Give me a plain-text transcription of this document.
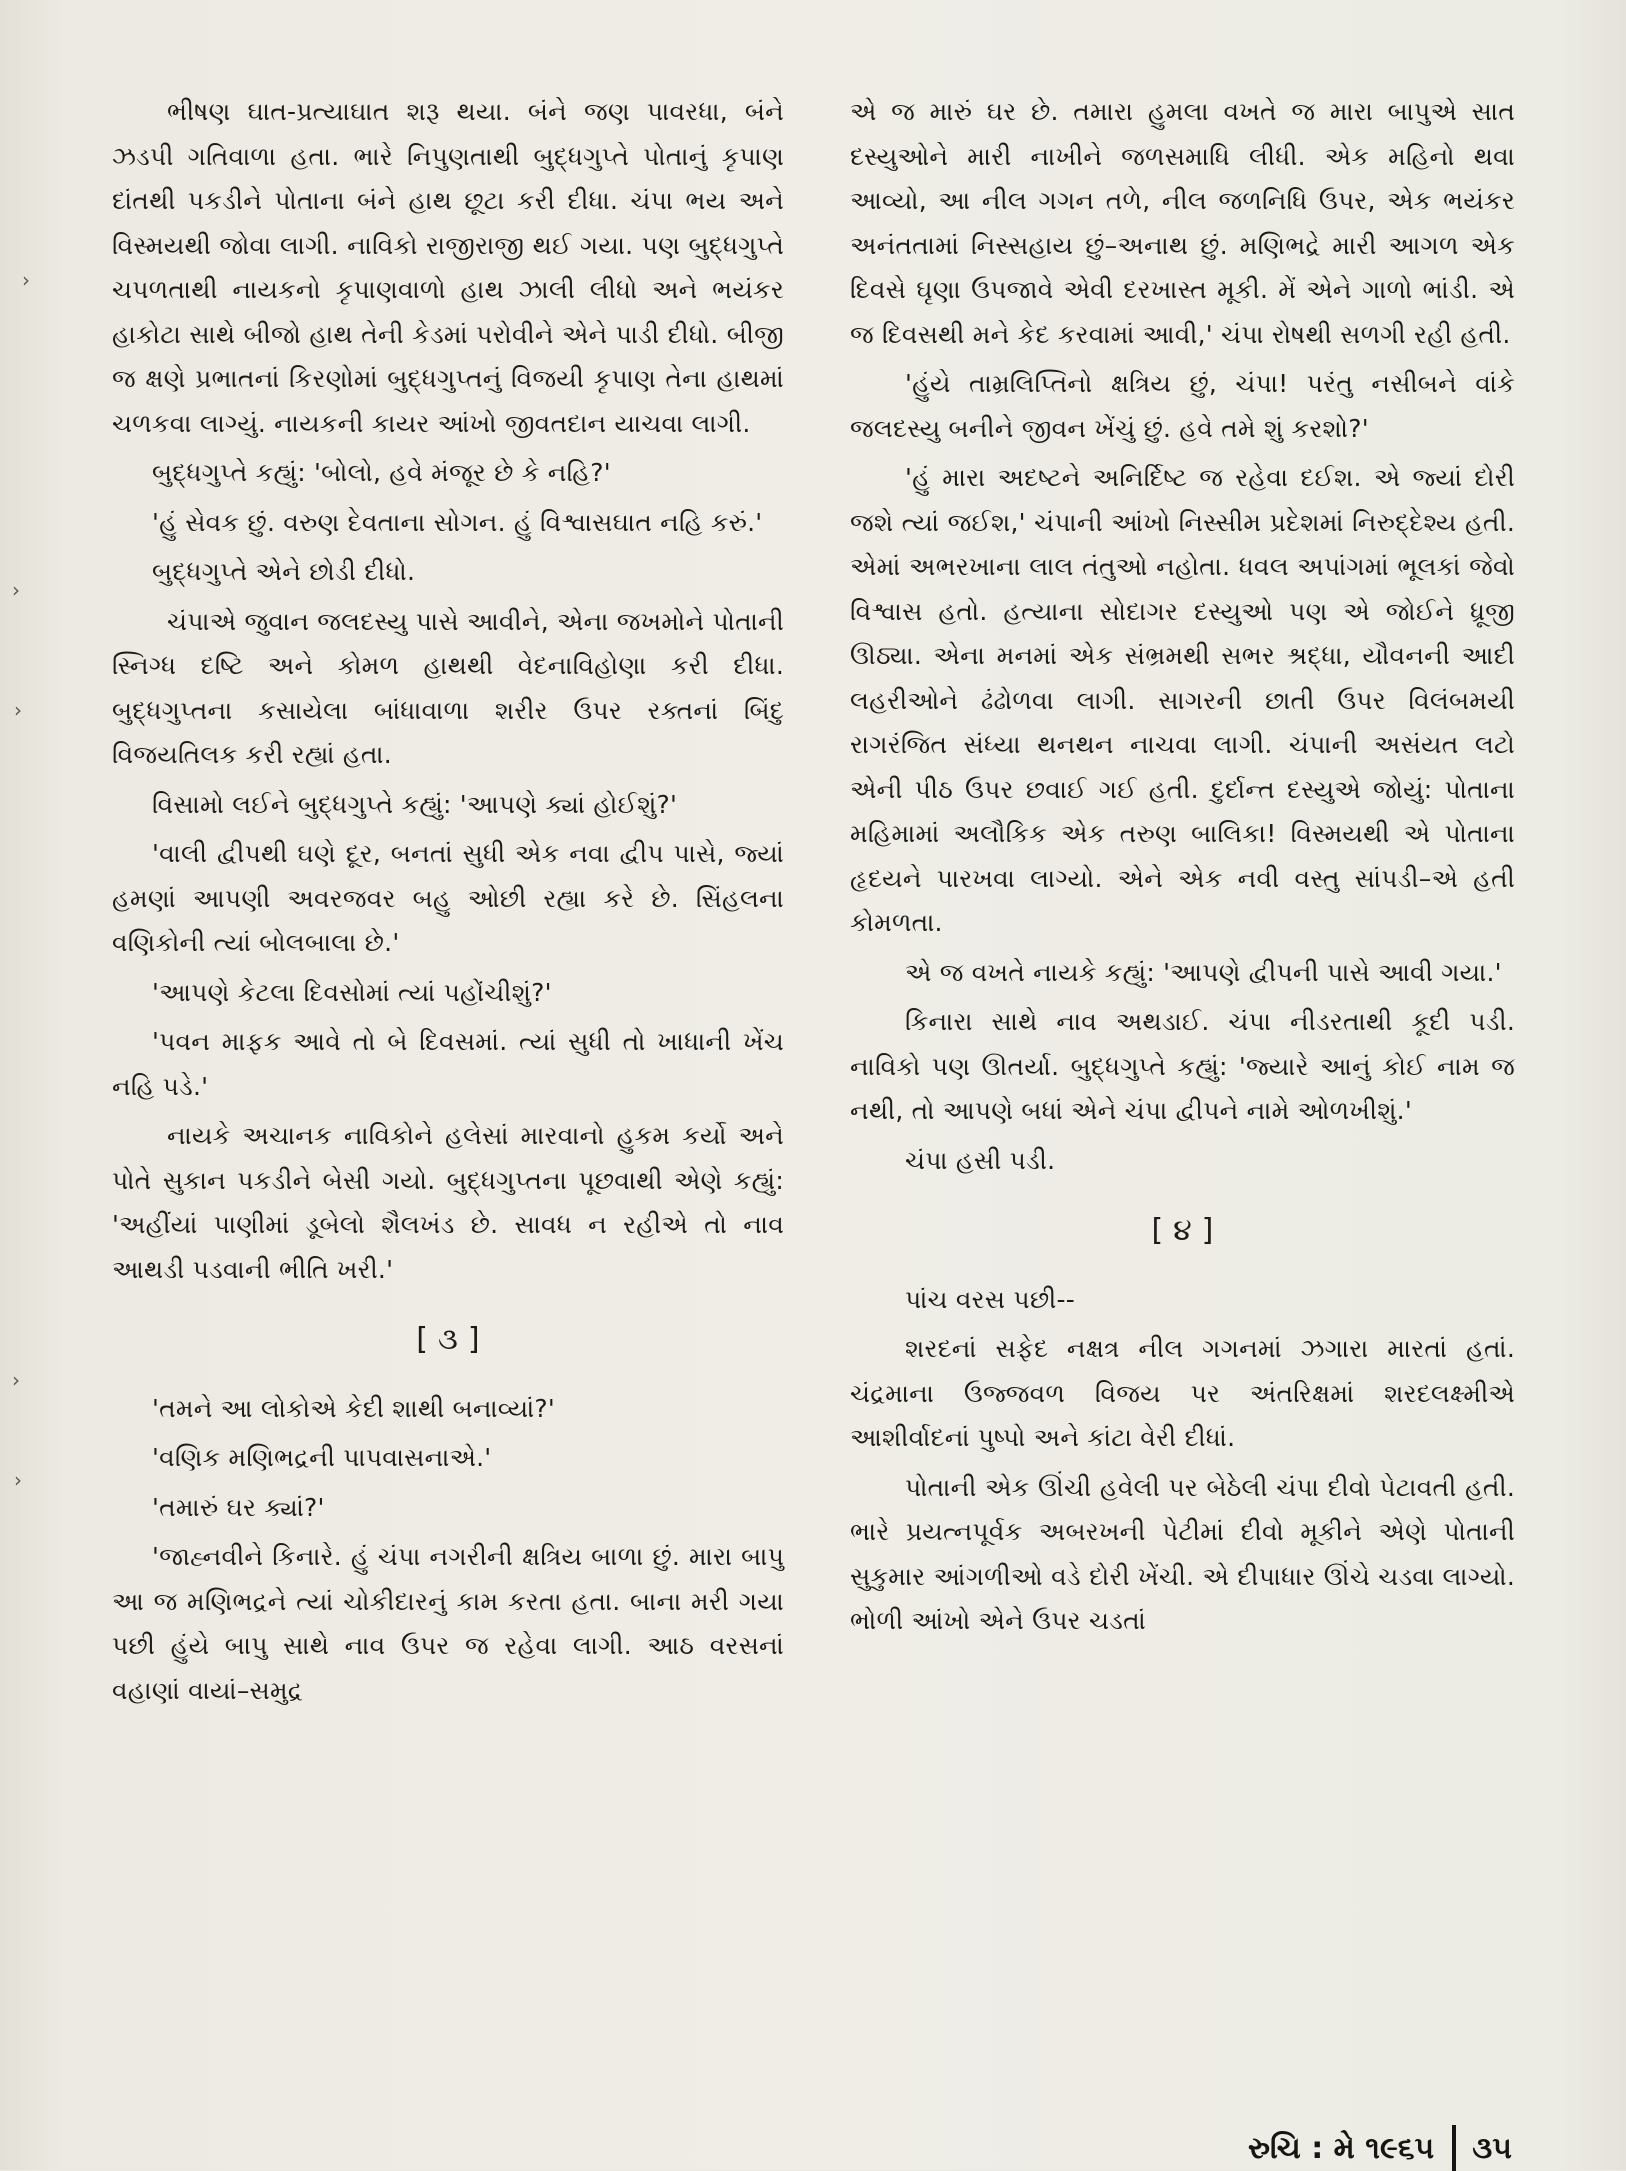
ભીષણ ઘાત-પ્રત્યાઘાત શરૂ થયા. બંને જણ પાવરધા, બંને ઝડપી ગતિવાળા હતા. ભારે નિપુણતાથી બુદ્ધગુપ્તે પોતાનું કૃપાણ દાંતથી પકડીને પોતાના બંને હાથ છૂટા કરી દીધા. ચંપા ભય અને વિસ્મયથી જોવા લાગી. નાવિકો રાજીરાજી થઈ ગયા. પણ બુદ્ધગુપ્તે ચપળતાથી નાયકનો કૃપાણવાળો હાથ ઝાલી લીધો અને ભયંકર હાકોટા સાથે બીજો હાથ તેની કેડમાં પરોવીને એને પાડી દીધો. બીજી જ ક્ષણે પ્રભાતનાં કિરણોમાં બુદ્ધગુપ્તનું વિજયી કૃપાણ તેના હાથમાં ચળકવા લાગ્યું. નાયકની કાયર આંખો જીવતદાન યાચવા લાગી.

બુદ્ધગુપ્તે કહ્યું: 'બોલો, હવે મંજૂર છે કે નહિ?'

'હું સેવક છું. વરુણ દેવતાના સોગન. હું વિશ્વાસઘાત નહિ કરું.'

બુદ્ધગુપ્તે એને છોડી દીધો.

ચંપાએ જુવાન જલદસ્યુ પાસે આવીને, એના જખમોને પોતાની સ્નિગ્ધ દષ્ટિ અને કોમળ હાથથી વેદનાવિહોણા કરી દીધા. બુદ્ધગુપ્તના કસાયેલા બાંધાવાળા શરીર ઉપર રક્તનાં બિંદુ વિજયતિલક કરી રહ્યાં હતા.

વિસામો લઈને બુદ્ધગુપ્તે કહ્યું: 'આપણે ક્યાં હોઈશું?'

'વાલી દ્વીપથી ઘણે દૂર, બનતાં સુધી એક નવા દ્વીપ પાસે, જ્યાં હમણાં આપણી અવરજવર બહુ ઓછી રહ્યા કરે છે. સિંહલના વણિકોની ત્યાં બોલબાલા છે.'

'આપણે કેટલા દિવસોમાં ત્યાં પહોંચીશું?'

'પવન માફક આવે તો બે દિવસમાં. ત્યાં સુધી તો ખાધાની ખેંચ નહિ પડે.'

નાયકે અચાનક નાવિકોને હલેસાં મારવાનો હુકમ કર્યો અને પોતે સુકાન પકડીને બેસી ગયો. બુદ્ધગુપ્તના પૂછવાથી એણે કહ્યું: 'અહીંયાં પાણીમાં ડૂબેલો શૈલખંડ છે. સાવધ ન રહીએ તો નાવ આથડી પડવાની ભીતિ ખરી.'

[ ૩ ]

'તમને આ લોકોએ કેદી શાથી બનાવ્યાં?'

'વણિક મણિભદ્રની પાપવાસનાએ.'

'તમારું ઘર ક્યાં?'

'જાહ્નવીને કિનારે. હું ચંપા નગરીની ક્ષત્રિય બાળા છું. મારા બાપુ આ જ મણિભદ્રને ત્યાં ચોકીદારનું કામ કરતા હતા. બાના મરી ગયા પછી હુંયે બાપુ સાથે નાવ ઉપર જ રહેવા લાગી. આઠ વરસનાં વહાણાં વાયાં–સમુદ્ર

એ જ મારું ઘર છે. તમારા હુમલા વખતે જ મારા બાપુએ સાત દસ્યુઓને મારી નાખીને જળસમાધિ લીધી. એક મહિનો થવા આવ્યો, આ નીલ ગગન તળે, નીલ જળનિધિ ઉપર, એક ભયંકર અનંતતામાં નિસ્સહાય છું–અનાથ છું. મણિભદ્રે મારી આગળ એક દિવસે ઘૃણા ઉપજાવે એવી દરખાસ્ત મૂકી. મેં એને ગાળો ભાંડી. એ જ દિવસથી મને કેદ કરવામાં આવી,' ચંપા રોષથી સળગી રહી હતી.

'હુંયે તામ્રલિપ્તિનો ક્ષત્રિય છું, ચંપા! પરંતુ નસીબને વાંકે જલદસ્યુ બનીને જીવન ખેંચું છું. હવે તમે શું કરશો?'

'હું મારા અદષ્ટને અનિર્દિષ્ટ જ રહેવા દઈશ. એ જ્યાં દોરી જશે ત્યાં જઈશ,' ચંપાની આંખો નિસ્સીમ પ્રદેશમાં નિરુદ્દેશ્ય હતી. એમાં અભરખાના લાલ તંતુઓ નહોતા. ધવલ અપાંગમાં ભૂલકાં જેવો વિશ્વાસ હતો. હત્યાના સોદાગર દસ્યુઓ પણ એ જોઈને ધ્રૂજી ઊઠ્યા. એના મનમાં એક સંભ્રમથી સભર શ્રદ્ધા, યૌવનની આદી લહરીઓને ઢંઢોળવા લાગી. સાગરની છાતી ઉપર વિલંબમયી રાગરંજિત સંધ્યા થનથન નાચવા લાગી. ચંપાની અસંયત લટો એની પીઠ ઉપર છવાઈ ગઈ હતી. દુર્દાન્ત દસ્યુએ જોયું: પોતાના મહિમામાં અલૌકિક એક તરુણ બાલિકા! વિસ્મયથી એ પોતાના હૃદયને પારખવા લાગ્યો. એને એક નવી વસ્તુ સાંપડી–એ હતી કોમળતા.

એ જ વખતે નાયકે કહ્યું: 'આપણે દ્વીપની પાસે આવી ગયા.'

કિનારા સાથે નાવ અથડાઈ. ચંપા નીડરતાથી કૂદી પડી. નાવિકો પણ ઊતર્યા. બુદ્ધગુપ્તે કહ્યું: 'જ્યારે આનું કોઈ નામ જ નથી, તો આપણે બધાં એને ચંપા દ્વીપને નામે ઓળખીશું.'

ચંપા હસી પડી.

[ ૪ ]

પાંચ વરસ પછી--

શરદનાં સફેદ નક્ષત્ર નીલ ગગનમાં ઝગારા મારતાં હતાં. ચંદ્રમાના ઉજ્જવળ વિજય પર અંતરિક્ષમાં શરદલક્ષ્મીએ આશીર્વાદનાં પુષ્પો અને કાંટા વેરી દીધાં.

પોતાની એક ઊંચી હવેલી પર બેઠેલી ચંપા દીવો પેટાવતી હતી. ભારે પ્રયત્નપૂર્વક અબરખની પેટીમાં દીવો મૂકીને એણે પોતાની સુકુમાર આંગળીઓ વડે દોરી ખેંચી. એ દીપાધાર ઊંચે ચડવા લાગ્યો. ભોળી આંખો એને ઉપર ચડતાં

રુચિ : મે ૧૯૬૫ ૩૫
›
›
›
›
›
